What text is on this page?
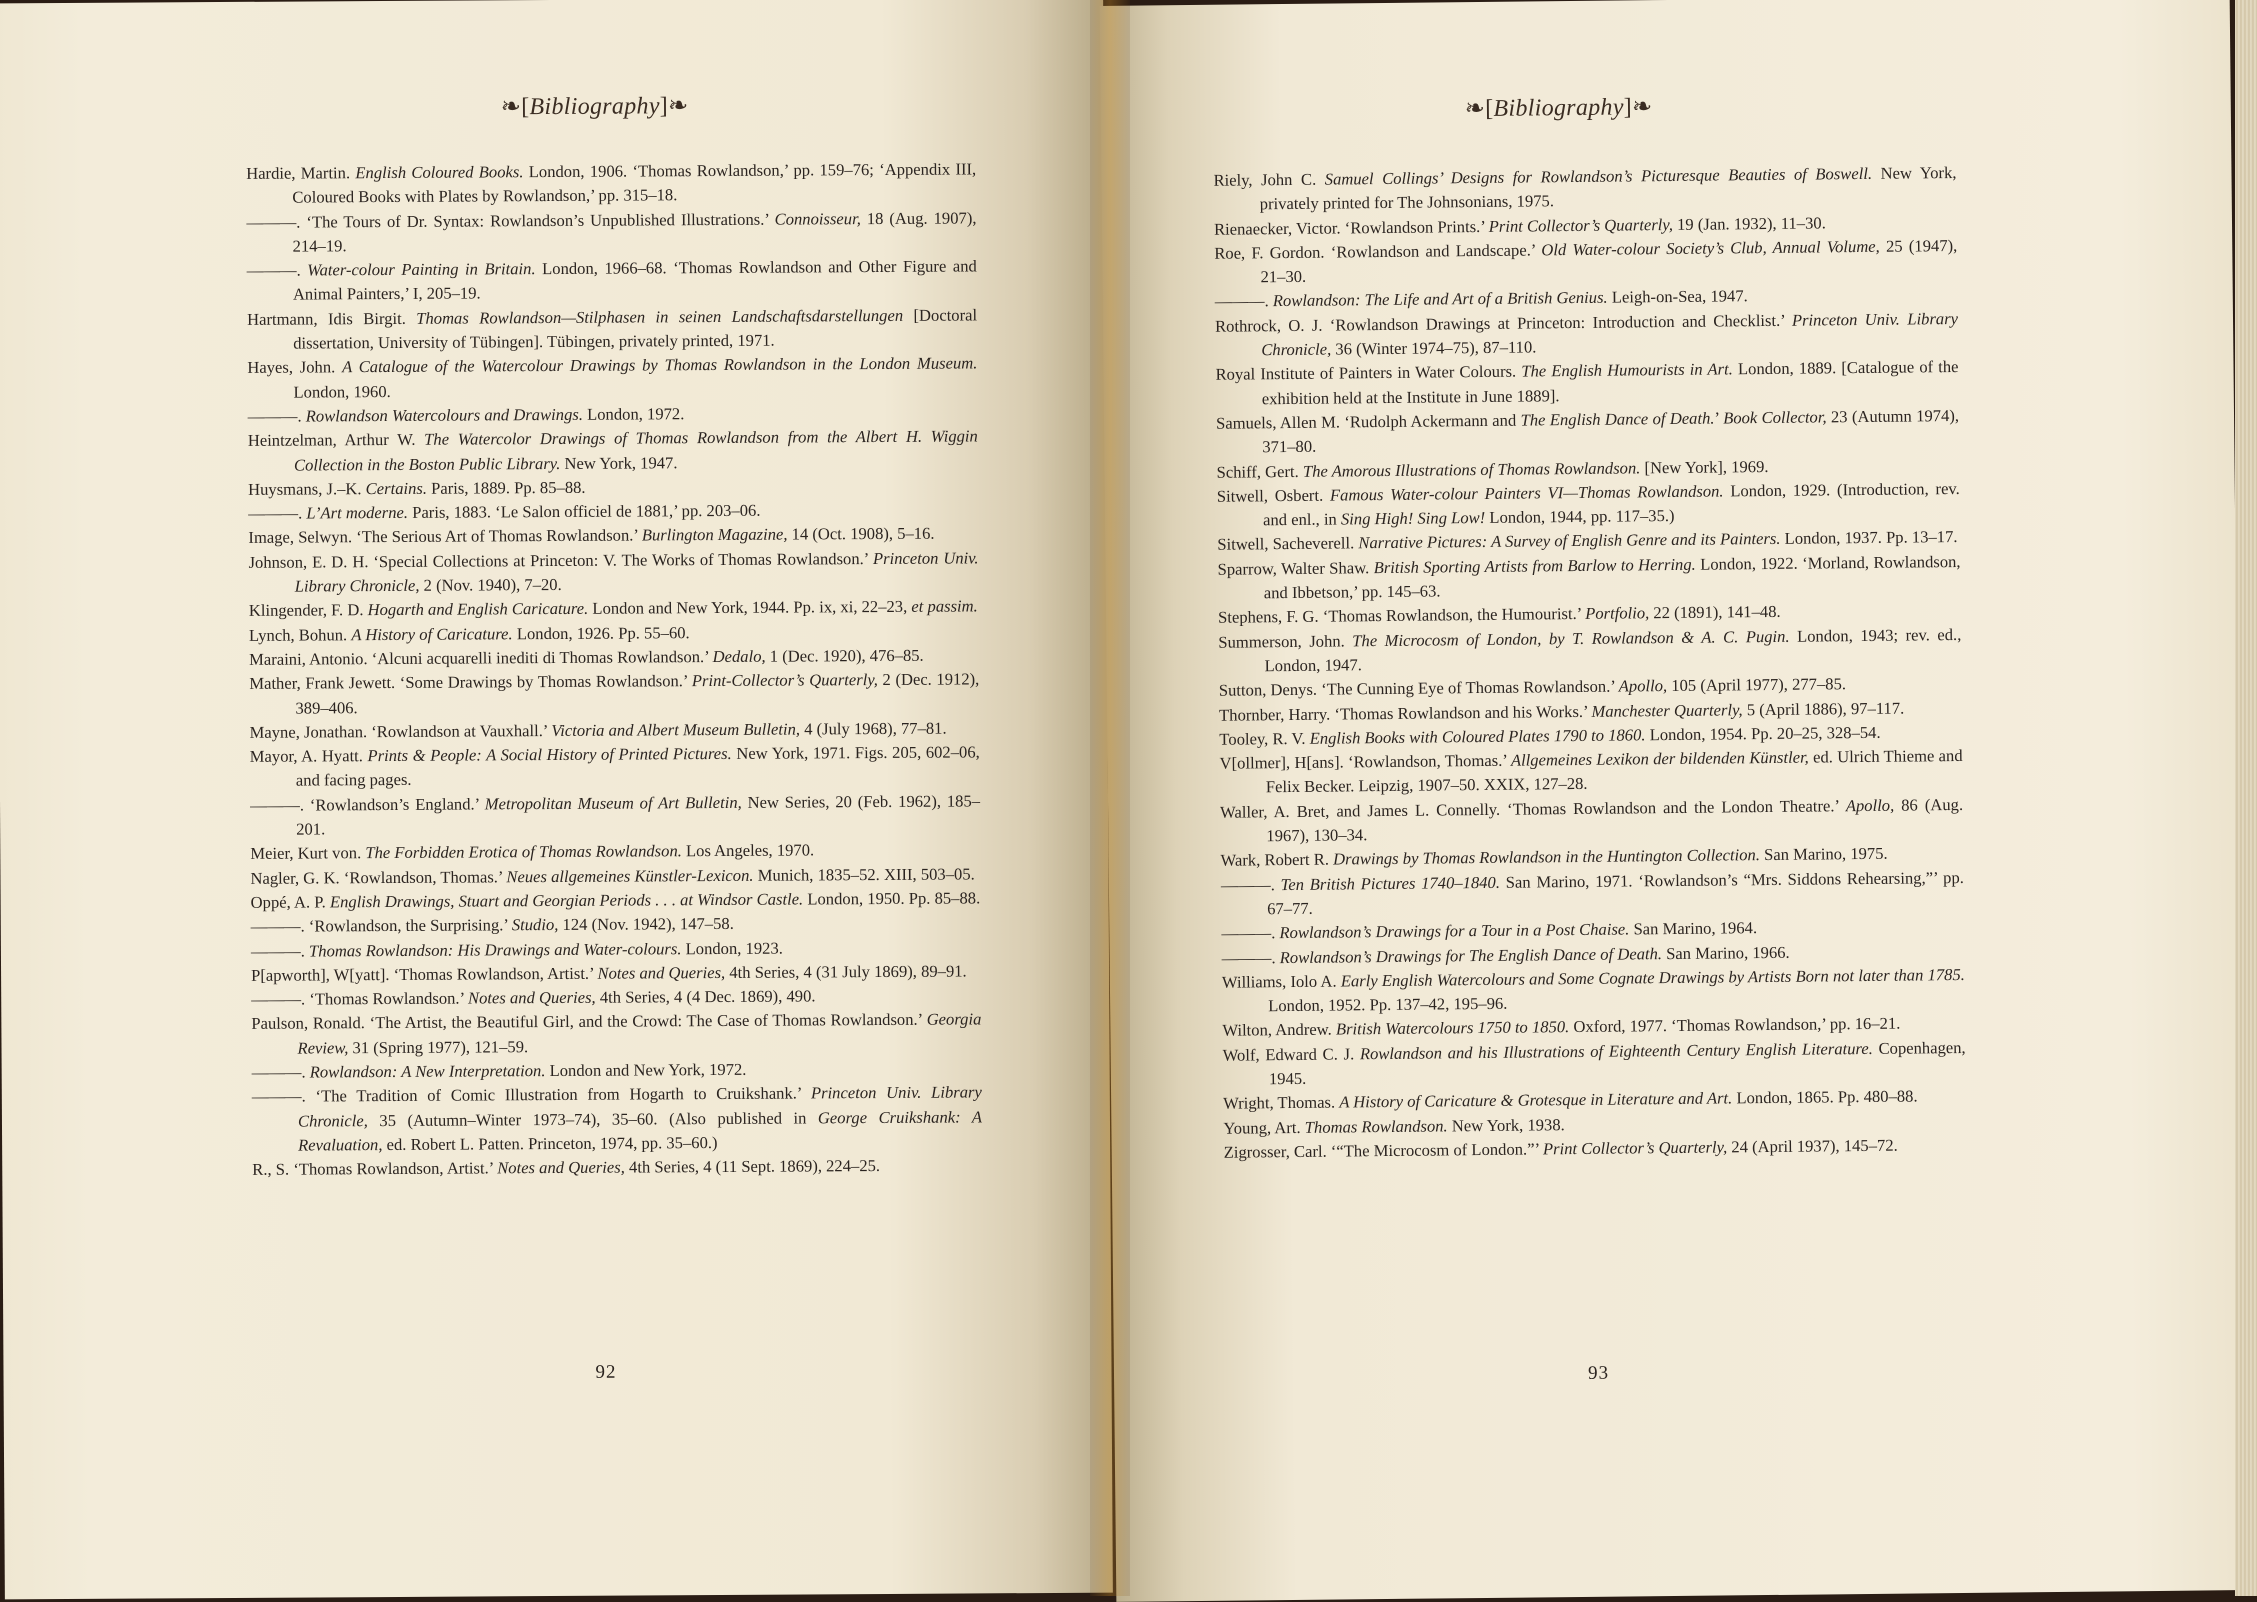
❧[Bibliography]❧

Hardie, Martin. English Coloured Books. London, 1906. ‘Thomas Rowlandson,’ pp. 159–76; ‘Appendix III, Coloured Books with Plates by Rowlandson,’ pp. 315–18.

———. ‘The Tours of Dr. Syntax: Rowlandson’s Unpublished Illustrations.’ Connoisseur, 18 (Aug. 1907), 214–19.

———. Water-colour Painting in Britain. London, 1966–68. ‘Thomas Rowlandson and Other Figure and Animal Painters,’ I, 205–19.

Hartmann, Idis Birgit. Thomas Rowlandson—Stilphasen in seinen Landschaftsdarstellungen [Doctoral dissertation, University of Tübingen]. Tübingen, privately printed, 1971.

Hayes, John. A Catalogue of the Watercolour Drawings by Thomas Rowlandson in the London Museum. London, 1960.

———. Rowlandson Watercolours and Drawings. London, 1972.

Heintzelman, Arthur W. The Watercolor Drawings of Thomas Rowlandson from the Albert H. Wiggin Collection in the Boston Public Library. New York, 1947.

Huysmans, J.–K. Certains. Paris, 1889. Pp. 85–88.

———. L’Art moderne. Paris, 1883. ‘Le Salon officiel de 1881,’ pp. 203–06.

Image, Selwyn. ‘The Serious Art of Thomas Rowlandson.’ Burlington Magazine, 14 (Oct. 1908), 5–16.

Johnson, E. D. H. ‘Special Collections at Princeton: V. The Works of Thomas Rowlandson.’ Princeton Univ. Library Chronicle, 2 (Nov. 1940), 7–20.

Klingender, F. D. Hogarth and English Caricature. London and New York, 1944. Pp. ix, xi, 22–23, et passim.

Lynch, Bohun. A History of Caricature. London, 1926. Pp. 55–60.

Maraini, Antonio. ‘Alcuni acquarelli inediti di Thomas Rowlandson.’ Dedalo, 1 (Dec. 1920), 476–85.

Mather, Frank Jewett. ‘Some Drawings by Thomas Rowlandson.’ Print-Collector’s Quarterly, 2 (Dec. 1912), 389–406.

Mayne, Jonathan. ‘Rowlandson at Vauxhall.’ Victoria and Albert Museum Bulletin, 4 (July 1968), 77–81.

Mayor, A. Hyatt. Prints & People: A Social History of Printed Pictures. New York, 1971. Figs. 205, 602–06, and facing pages.

———. ‘Rowlandson’s England.’ Metropolitan Museum of Art Bulletin, New Series, 20 (Feb. 1962), 185–201.

Meier, Kurt von. The Forbidden Erotica of Thomas Rowlandson. Los Angeles, 1970.

Nagler, G. K. ‘Rowlandson, Thomas.’ Neues allgemeines Künstler-Lexicon. Munich, 1835–52. XIII, 503–05.

Oppé, A. P. English Drawings, Stuart and Georgian Periods . . . at Windsor Castle. London, 1950. Pp. 85–88.

———. ‘Rowlandson, the Surprising.’ Studio, 124 (Nov. 1942), 147–58.

———. Thomas Rowlandson: His Drawings and Water-colours. London, 1923.

P[apworth], W[yatt]. ‘Thomas Rowlandson, Artist.’ Notes and Queries, 4th Series, 4 (31 July 1869), 89–91.

———. ‘Thomas Rowlandson.’ Notes and Queries, 4th Series, 4 (4 Dec. 1869), 490.

Paulson, Ronald. ‘The Artist, the Beautiful Girl, and the Crowd: The Case of Thomas Rowlandson.’ Georgia Review, 31 (Spring 1977), 121–59.

———. Rowlandson: A New Interpretation. London and New York, 1972.

———. ‘The Tradition of Comic Illustration from Hogarth to Cruikshank.’ Princeton Univ. Library Chronicle, 35 (Autumn–Winter 1973–74), 35–60. (Also published in George Cruikshank: A Revaluation, ed. Robert L. Patten. Princeton, 1974, pp. 35–60.)

R., S. ‘Thomas Rowlandson, Artist.’ Notes and Queries, 4th Series, 4 (11 Sept. 1869), 224–25.

92
❧[Bibliography]❧

Riely, John C. Samuel Collings’ Designs for Rowlandson’s Picturesque Beauties of Boswell. New York, privately printed for The Johnsonians, 1975.

Rienaecker, Victor. ‘Rowlandson Prints.’ Print Collector’s Quarterly, 19 (Jan. 1932), 11–30.

Roe, F. Gordon. ‘Rowlandson and Landscape.’ Old Water-colour Society’s Club, Annual Volume, 25 (1947), 21–30.

———. Rowlandson: The Life and Art of a British Genius. Leigh-on-Sea, 1947.

Rothrock, O. J. ‘Rowlandson Drawings at Princeton: Introduction and Checklist.’ Princeton Univ. Library Chronicle, 36 (Winter 1974–75), 87–110.

Royal Institute of Painters in Water Colours. The English Humourists in Art. London, 1889. [Catalogue of the exhibition held at the Institute in June 1889].

Samuels, Allen M. ‘Rudolph Ackermann and The English Dance of Death.’ Book Collector, 23 (Autumn 1974), 371–80.

Schiff, Gert. The Amorous Illustrations of Thomas Rowlandson. [New York], 1969.

Sitwell, Osbert. Famous Water-colour Painters VI—Thomas Rowlandson. London, 1929. (Introduction, rev. and enl., in Sing High! Sing Low! London, 1944, pp. 117–35.)

Sitwell, Sacheverell. Narrative Pictures: A Survey of English Genre and its Painters. London, 1937. Pp. 13–17.

Sparrow, Walter Shaw. British Sporting Artists from Barlow to Herring. London, 1922. ‘Morland, Rowlandson, and Ibbetson,’ pp. 145–63.

Stephens, F. G. ‘Thomas Rowlandson, the Humourist.’ Portfolio, 22 (1891), 141–48.

Summerson, John. The Microcosm of London, by T. Rowlandson & A. C. Pugin. London, 1943; rev. ed., London, 1947.

Sutton, Denys. ‘The Cunning Eye of Thomas Rowlandson.’ Apollo, 105 (April 1977), 277–85.

Thornber, Harry. ‘Thomas Rowlandson and his Works.’ Manchester Quarterly, 5 (April 1886), 97–117.

Tooley, R. V. English Books with Coloured Plates 1790 to 1860. London, 1954. Pp. 20–25, 328–54.

V[ollmer], H[ans]. ‘Rowlandson, Thomas.’ Allgemeines Lexikon der bildenden Künstler, ed. Ulrich Thieme and Felix Becker. Leipzig, 1907–50. XXIX, 127–28.

Waller, A. Bret, and James L. Connelly. ‘Thomas Rowlandson and the London Theatre.’ Apollo, 86 (Aug. 1967), 130–34.

Wark, Robert R. Drawings by Thomas Rowlandson in the Huntington Collection. San Marino, 1975.

———. Ten British Pictures 1740–1840. San Marino, 1971. ‘Rowlandson’s “Mrs. Siddons Rehearsing,”’ pp. 67–77.

———. Rowlandson’s Drawings for a Tour in a Post Chaise. San Marino, 1964.

———. Rowlandson’s Drawings for The English Dance of Death. San Marino, 1966.

Williams, Iolo A. Early English Watercolours and Some Cognate Drawings by Artists Born not later than 1785. London, 1952. Pp. 137–42, 195–96.

Wilton, Andrew. British Watercolours 1750 to 1850. Oxford, 1977. ‘Thomas Rowlandson,’ pp. 16–21.

Wolf, Edward C. J. Rowlandson and his Illustrations of Eighteenth Century English Literature. Copenhagen, 1945.

Wright, Thomas. A History of Caricature & Grotesque in Literature and Art. London, 1865. Pp. 480–88.

Young, Art. Thomas Rowlandson. New York, 1938.

Zigrosser, Carl. ‘“The Microcosm of London.”’ Print Collector’s Quarterly, 24 (April 1937), 145–72.

93
